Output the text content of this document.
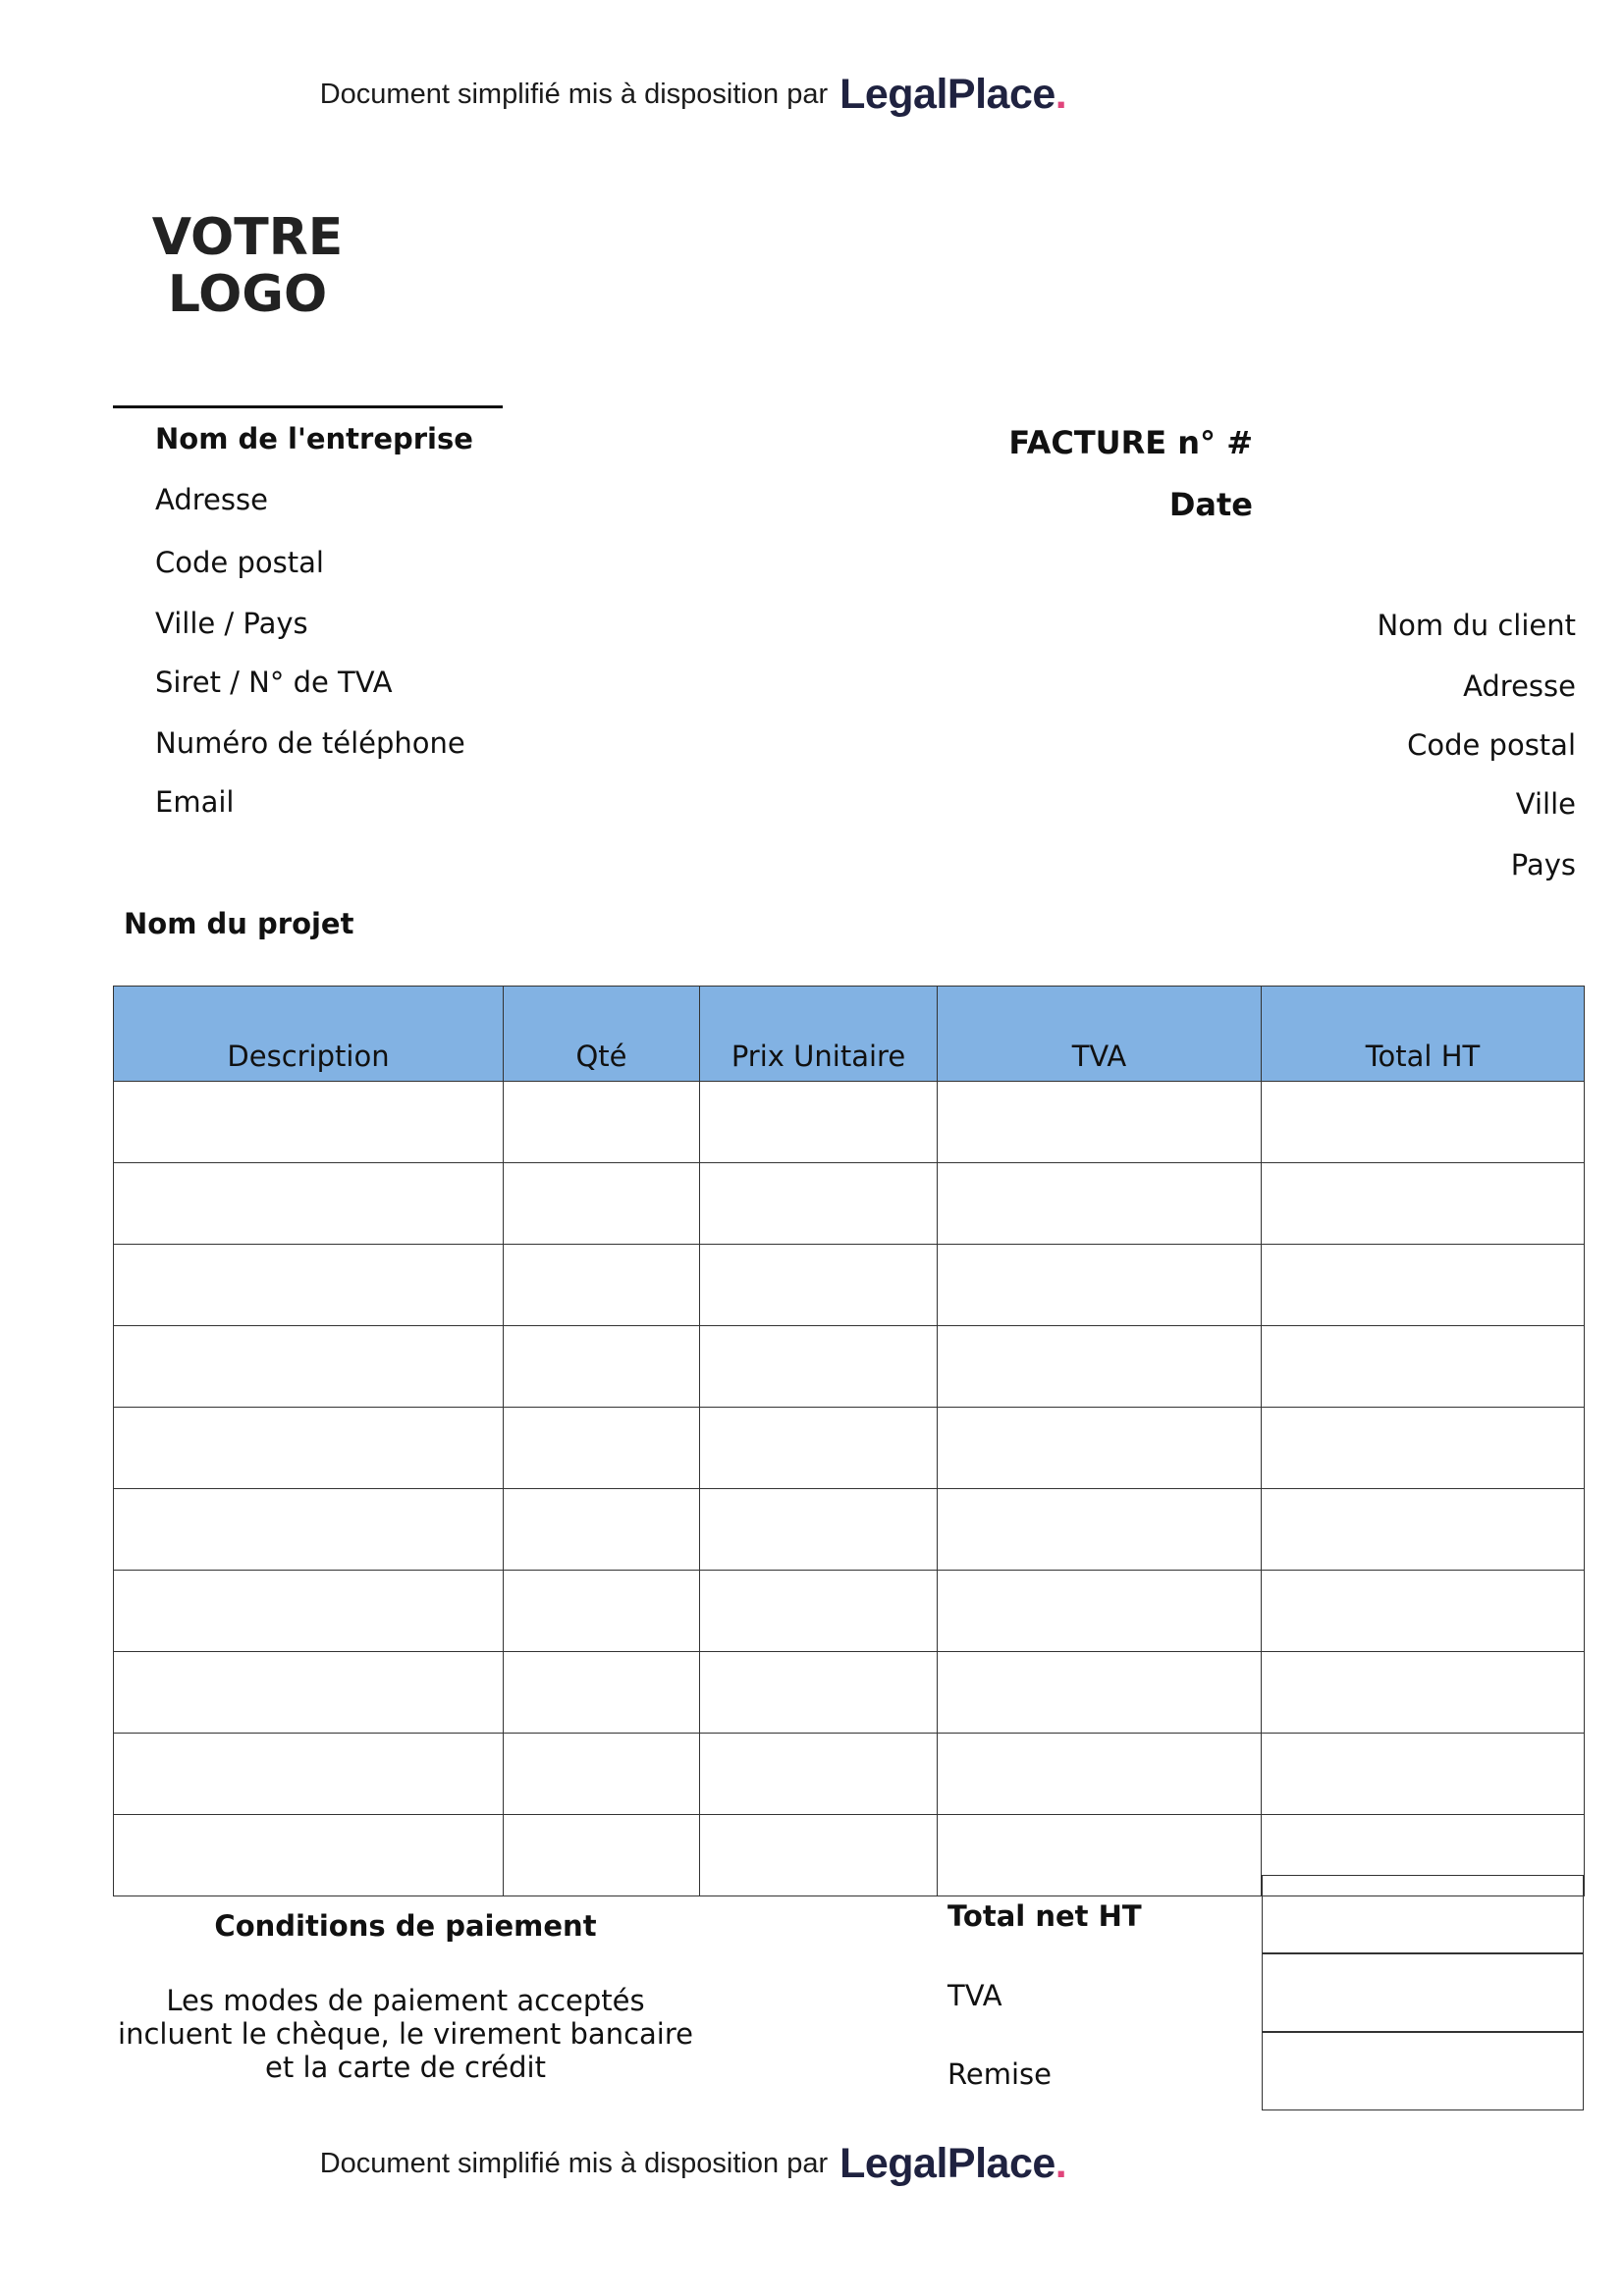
Document simplifié mis à disposition par LegalPlace.
VOTRE
LOGO
Nom de l'entreprise
Adresse
Code postal
Ville / Pays
Siret / N° de TVA
Numéro de téléphone
Email
FACTURE n° #
Date
Nom du client
Adresse
Code postal
Ville
Pays
Nom du projet
Description	Qté	Prix Unitaire	TVA	Total HT

Conditions de paiement
Les modes de paiement acceptés
incluent le chèque, le virement bancaire
et la carte de crédit
Total net HT
TVA
Remise
Document simplifié mis à disposition par LegalPlace.
